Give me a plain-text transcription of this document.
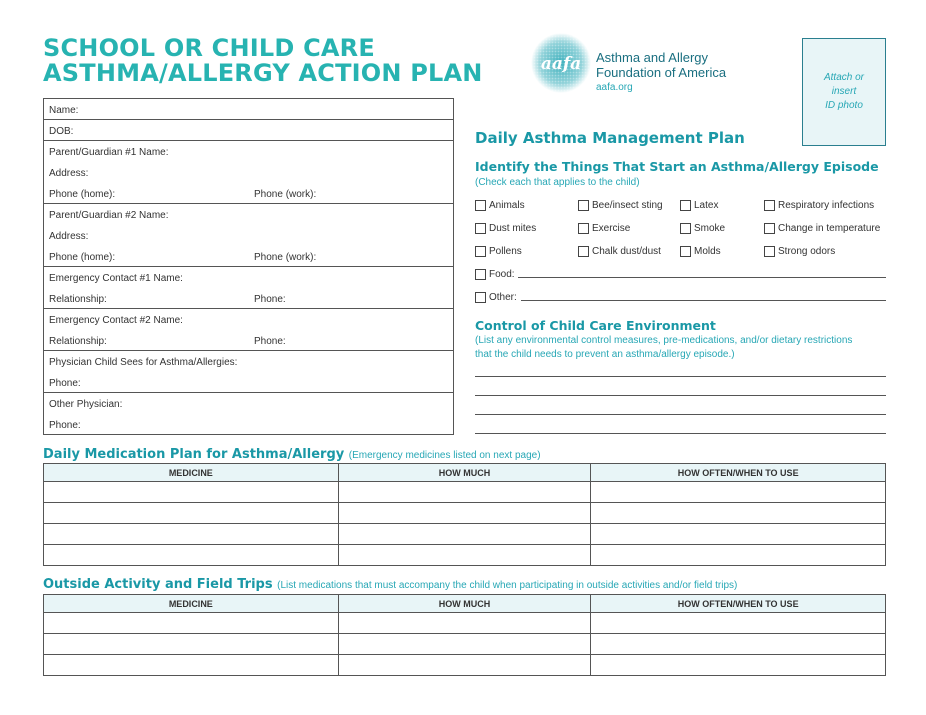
SCHOOL OR CHILD CARE
ASTHMA/ALLERGY ACTION PLAN	aafa Asthma and Allergy
Foundation of America
aafa.org
Attach or
insert
ID photo
Name:
DOB:
Parent/Guardian #1 Name:
Address:
Phone (home):	Phone (work):
Parent/Guardian #2 Name:
Address:
Phone (home):	Phone (work):
Emergency Contact #1 Name:
Relationship:	Phone:
Emergency Contact #2 Name:
Relationship:	Phone:
Physician Child Sees for Asthma/Allergies:
Phone:
Other Physician:
Phone:
Daily Asthma Management Plan
Identify the Things That Start an Asthma/Allergy Episode
(Check each that applies to the child)
Animals	Bee/insect sting	Latex	Respiratory infections
Dust mites	Exercise	Smoke	Change in temperature
Pollens	Chalk dust/dust	Molds	Strong odors
Food:
Other:
Control of Child Care Environment
(List any environmental control measures, pre-medications, and/or dietary restrictions
that the child needs to prevent an asthma/allergy episode.)
Daily Medication Plan for Asthma/Allergy (Emergency medicines listed on next page)
MEDICINE	HOW MUCH	HOW OFTEN/WHEN TO USE

Outside Activity and Field Trips (List medications that must accompany the child when participating in outside activities and/or field trips)
MEDICINE	HOW MUCH	HOW OFTEN/WHEN TO USE
